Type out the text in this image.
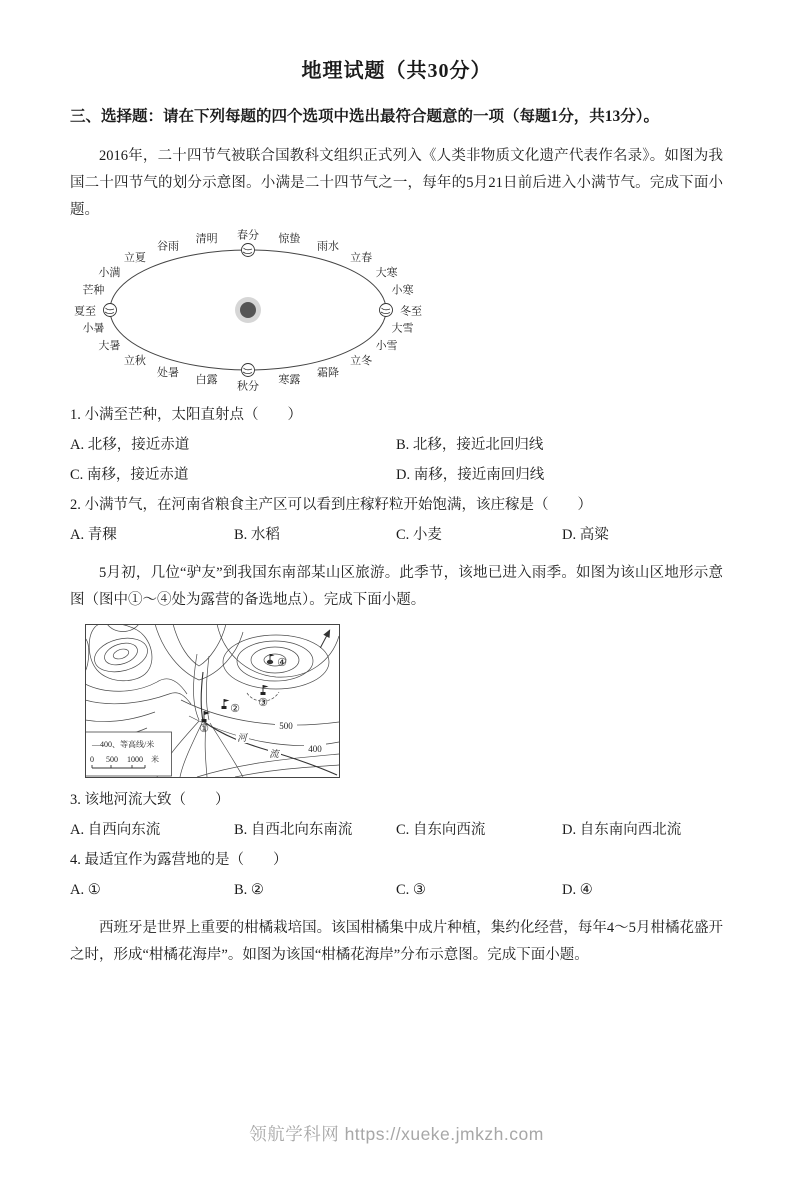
地理试题（共30分）
三、选择题：请在下列每题的四个选项中选出最符合题意的一项（每题1分，共13分）。

2016年，二十四节气被联合国教科文组织正式列入《人类非物质文化遗产代表作名录》。如图为我国二十四节气的划分示意图。小满是二十四节气之一，每年的5月21日前后进入小满节气。完成下面小题。

春分 惊蛰
雨水
立春
大寒
小寒
冬至
大雪
小雪
立冬
霜降
寒露
秋分
白露
处暑
立秋
大暑
小暑
夏至
芒种
小满
立夏
谷雨
清明
1. 小满至芒种，太阳直射点（　　）
A. 北移，接近赤道	B. 北移，接近北回归线
C. 南移，接近赤道	D. 南移，接近南回归线
2. 小满节气，在河南省粮食主产区可以看到庄稼籽粒开始饱满，该庄稼是（　　）
A. 青稞	B. 水稻	C. 小麦	D. 高粱

5月初，几位“驴友”到我国东南部某山区旅游。此季节，该地已进入雨季。如图为该山区地形示意图（图中①～④处为露营的备选地点）。完成下面小题。

500
400
河
流
①
② ③
④
—400、等高线/米
0 500 1000 米
3. 该地河流大致（　　）
A. 自西向东流	B. 自西北向东南流	C. 自东向西流	D. 自东南向西北流
4. 最适宜作为露营地的是（　　）
A. ①	B. ②	C. ③	D. ④

西班牙是世界上重要的柑橘栽培国。该国柑橘集中成片种植，集约化经营，每年4～5月柑橘花盛开之时，形成“柑橘花海岸”。如图为该国“柑橘花海岸”分布示意图。完成下面小题。

领航学科网 https://xueke.jmkzh.com
